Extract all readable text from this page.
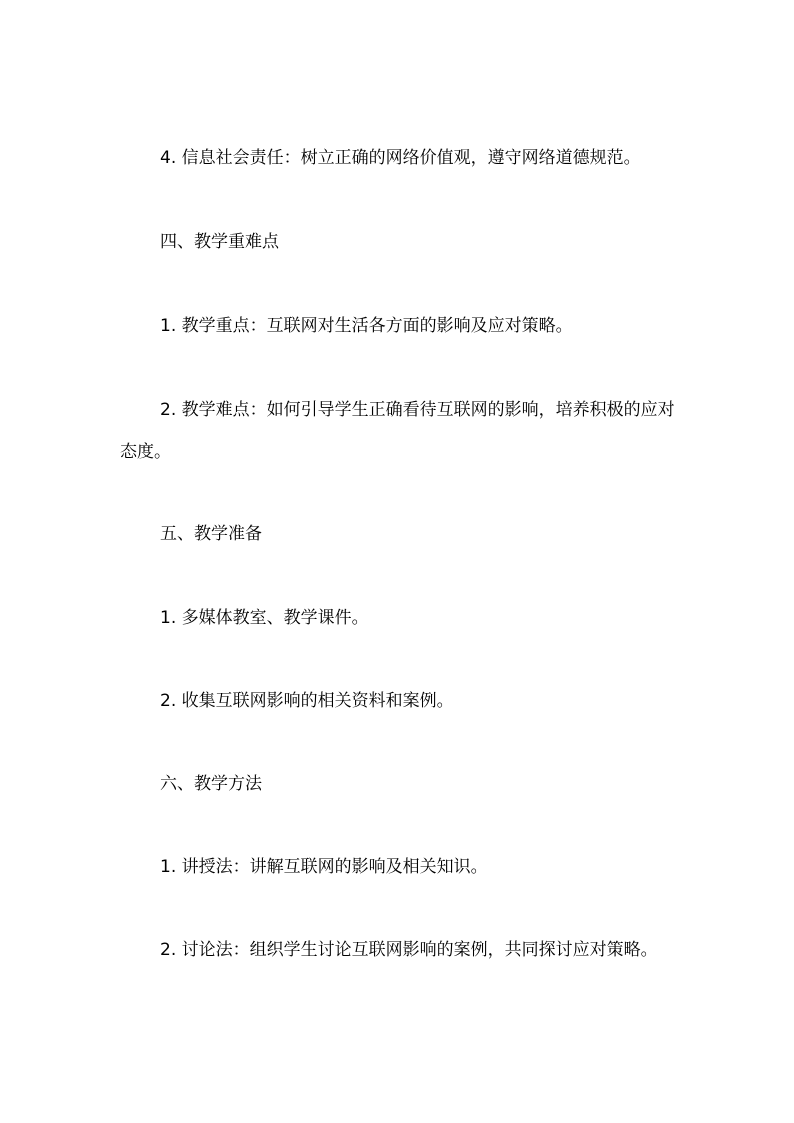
4. 信息社会责任：树立正确的网络价值观，遵守网络道德规范。

四、教学重难点

1. 教学重点：互联网对生活各方面的影响及应对策略。

2. 教学难点：如何引导学生正确看待互联网的影响，培养积极的应对态度。

五、教学准备

1. 多媒体教室、教学课件。

2. 收集互联网影响的相关资料和案例。

六、教学方法

1. 讲授法：讲解互联网的影响及相关知识。

2. 讨论法：组织学生讨论互联网影响的案例，共同探讨应对策略。
